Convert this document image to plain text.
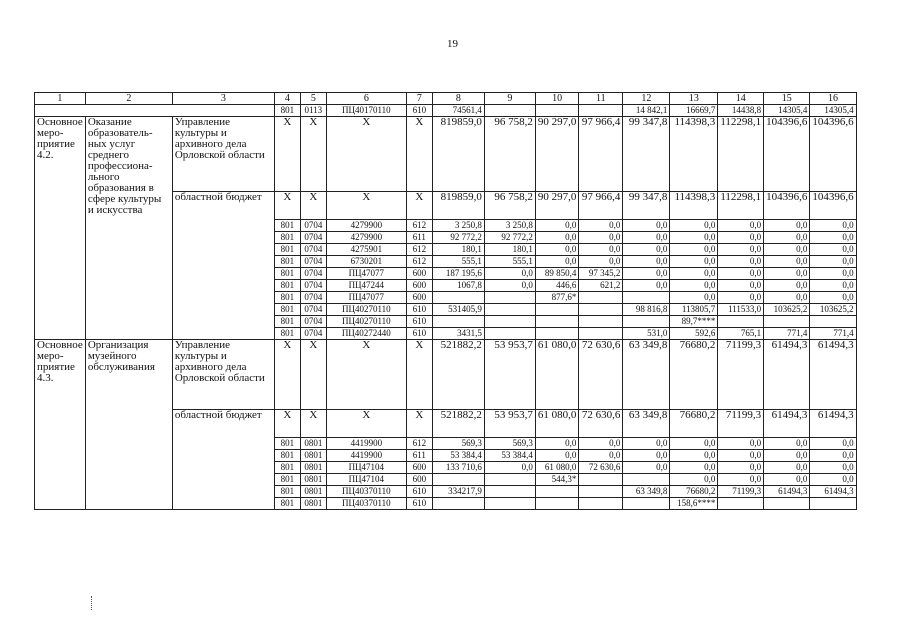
19
1	2	3	4	5	6	7	8	9	10	11	12	13	14	15	16
			801	0113	ПЦ40170110	610	74561,4				14 842,1	16669,7	14438,8	14305,4	14305,4
Основное меро-приятие 4.2.	Оказание образователь-ных услуг среднего профессиона-льного образования в сфере культуры и искусства	Управление культуры и архивного дела Орловской области	Х	Х	Х	Х	819859,0	96 758,2	90 297,0	97 966,4	99 347,8	114398,3	112298,1	104396,6	104396,6
		областной бюджет	Х	Х	Х	Х	819859,0	96 758,2	90 297,0	97 966,4	99 347,8	114398,3	112298,1	104396,6	104396,6
			801	0704	4279900	612	3 250,8	3 250,8	0,0	0,0	0,0	0,0	0,0	0,0	0,0
			801	0704	4279900	611	92 772,2	92 772,2	0,0	0,0	0,0	0,0	0,0	0,0	0,0
			801	0704	4275901	612	180,1	180,1	0,0	0,0	0,0	0,0	0,0	0,0	0,0
			801	0704	6730201	612	555,1	555,1	0,0	0,0	0,0	0,0	0,0	0,0	0,0
			801	0704	ПЦ47077	600	187 195,6	0,0	89 850,4	97 345,2	0,0	0,0	0,0	0,0	0,0
			801	0704	ПЦ47244	600	1067,8	0,0	446,6	621,2	0,0	0,0	0,0	0,0	0,0
			801	0704	ПЦ47077	600			877,6*			0,0	0,0	0,0	0,0
			801	0704	ПЦ40270110	610	531405,9				98 816,8	113805,7	111533,0	103625,2	103625,2
			801	0704	ПЦ40270110	610						89,7****			
			801	0704	ПЦ40272440	610	3431,5				531,0	592,6	765,1	771,4	771,4
Основное меро-приятие 4.3.	Организация музейного обслуживания	Управление культуры и архивного дела Орловской области	Х	Х	Х	Х	521882,2	53 953,7	61 080,0	72 630,6	63 349,8	76680,2	71199,3	61494,3	61494,3
		областной бюджет	Х	Х	Х	Х	521882,2	53 953,7	61 080,0	72 630,6	63 349,8	76680,2	71199,3	61494,3	61494,3
			801	0801	4419900	612	569,3	569,3	0,0	0,0	0,0	0,0	0,0	0,0	0,0
			801	0801	4419900	611	53 384,4	53 384,4	0,0	0,0	0,0	0,0	0,0	0,0	0,0
			801	0801	ПЦ47104	600	133 710,6	0,0	61 080,0	72 630,6	0,0	0,0	0,0	0,0	0,0
			801	0801	ПЦ47104	600			544,3*			0,0	0,0	0,0	0,0
			801	0801	ПЦ40370110	610	334217,9				63 349,8	76680,2	71199,3	61494,3	61494,3
			801	0801	ПЦ40370110	610						158,6****			
